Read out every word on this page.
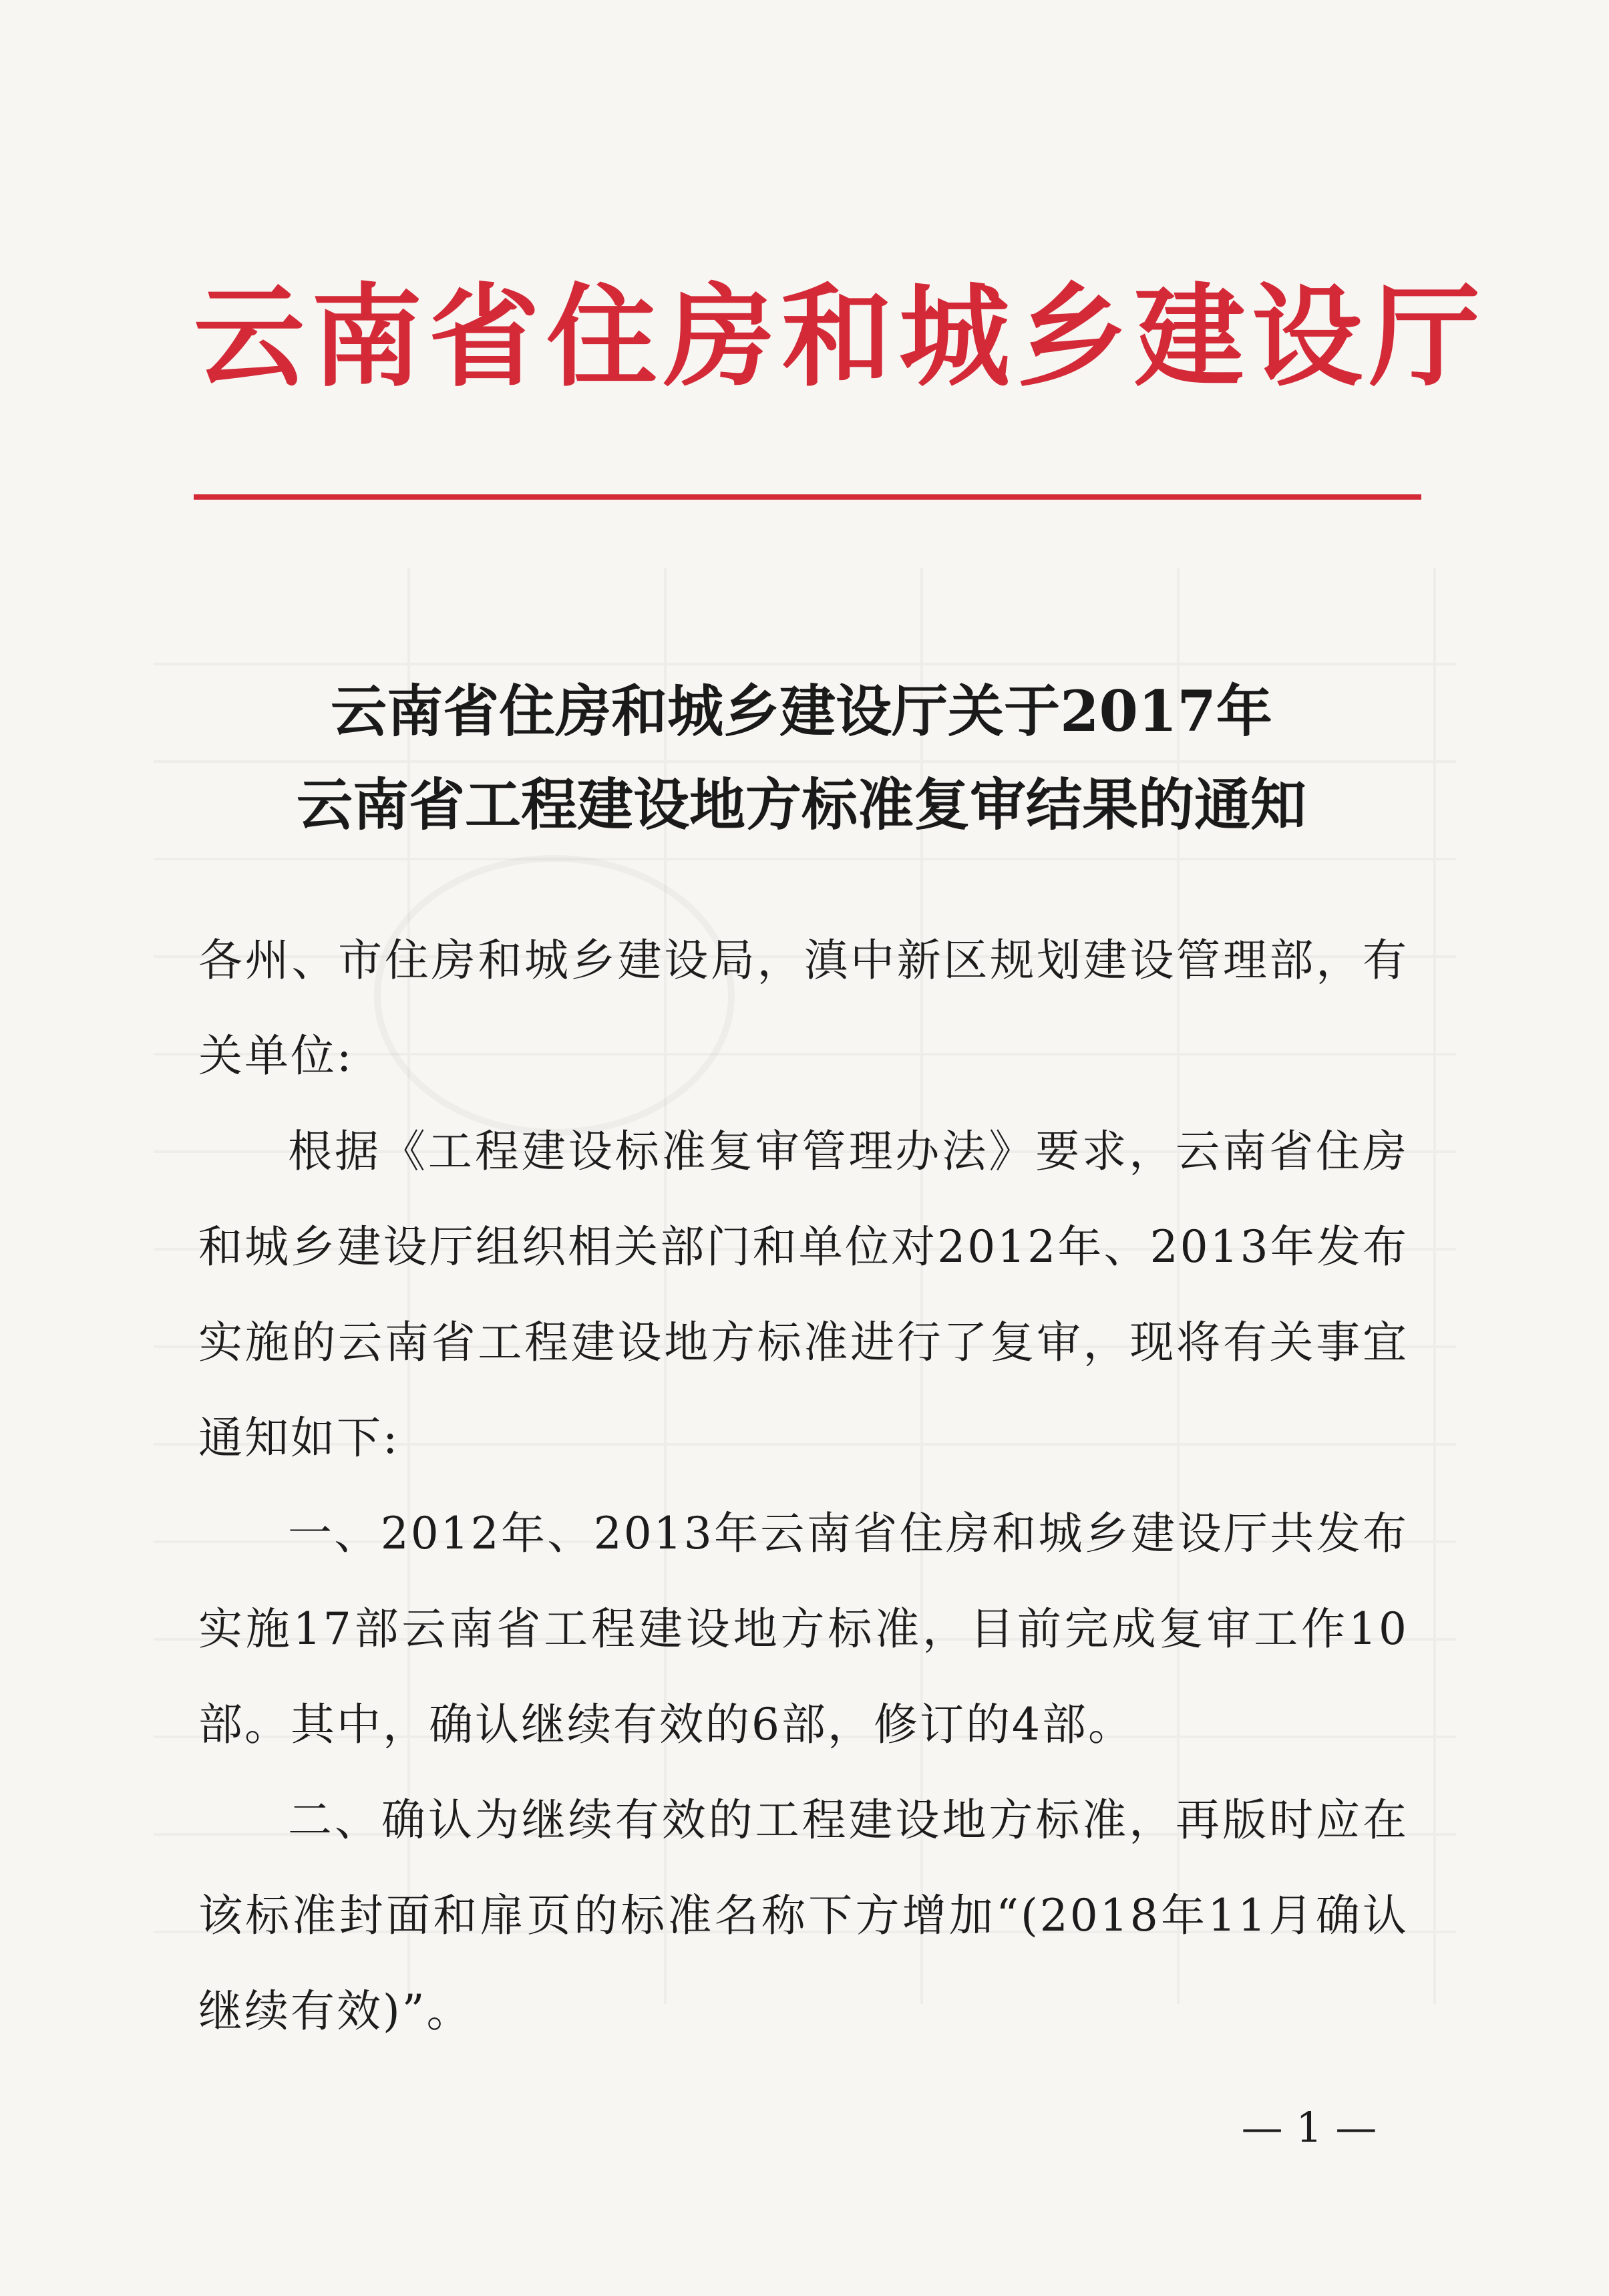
云南省住房和城乡建设厅
云南省住房和城乡建设厅关于2017年
云南省工程建设地方标准复审结果的通知

各州、市住房和城乡建设局，滇中新区规划建设管理部，有关单位:

根据《工程建设标准复审管理办法》要求，云南省住房和城乡建设厅组织相关部门和单位对2012年、2013年发布实施的云南省工程建设地方标准进行了复审，现将有关事宜通知如下:

一、2012年、2013年云南省住房和城乡建设厅共发布实施17部云南省工程建设地方标准，目前完成复审工作10部。其中，确认继续有效的6部，修订的4部。

二、确认为继续有效的工程建设地方标准，再版时应在该标准封面和扉页的标准名称下方增加“(2018年11月确认继续有效)”。

— 1 —
